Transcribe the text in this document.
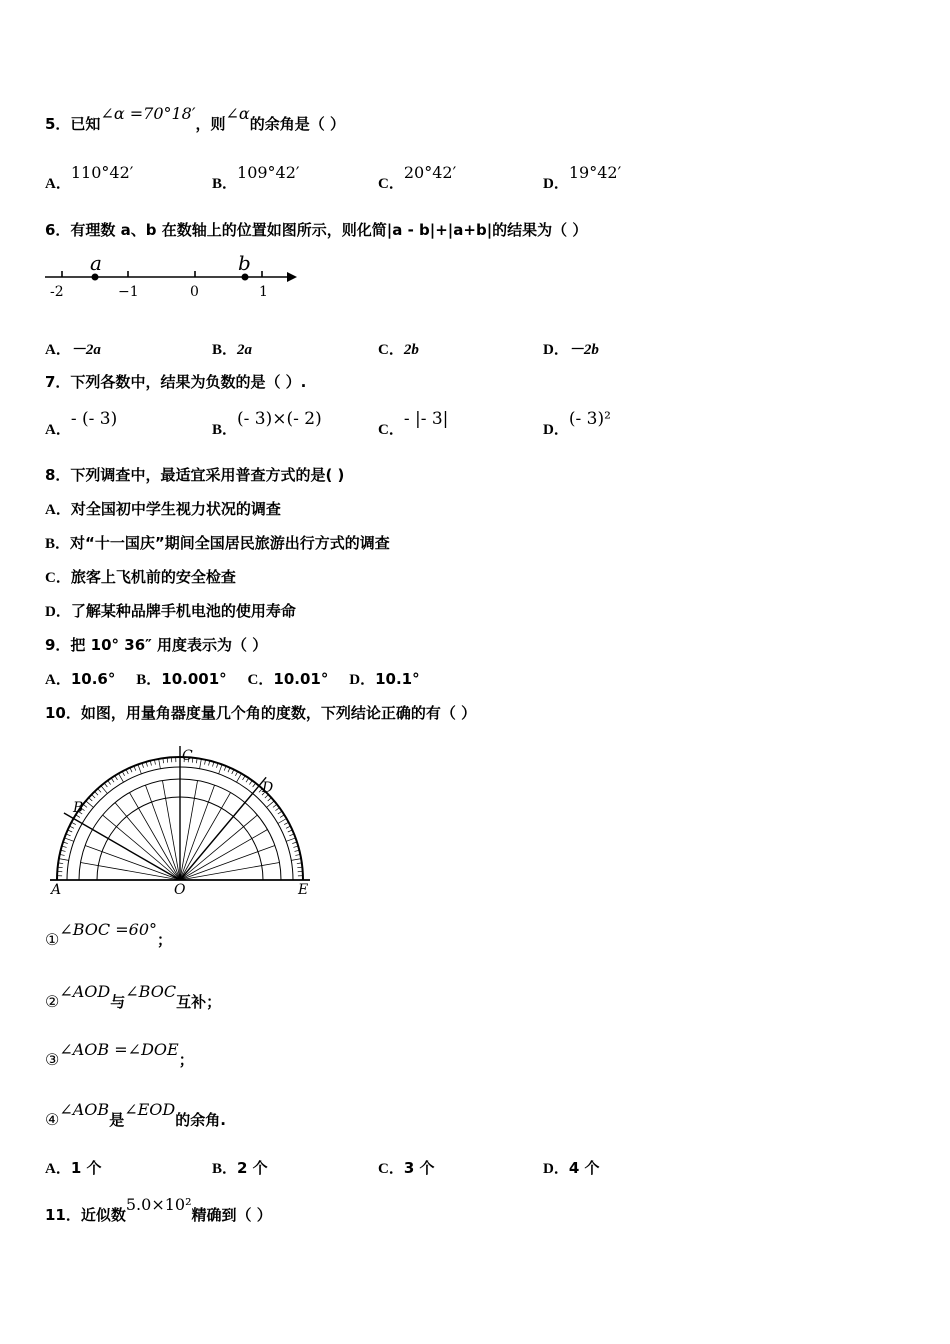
5．已知∠α =70°18′，则∠α的余角是（ ）
A．110°42′
B．109°42′
C．20°42′
D．19°42′
6．有理数 a、b 在数轴上的位置如图所示，则化简|a - b|+|a+b|的结果为（ ）
a	b
-2	−1	0	1
A．－2a	B．2a	C．2b	D．－2b
7．下列各数中，结果为负数的是（ ）.
A．- (- 3)
B．(- 3)×(- 2)
C．- |- 3|
D．(- 3)²
8．下列调查中，最适宜采用普查方式的是( )
A．对全国初中学生视力状况的调查
B．对“十一国庆”期间全国居民旅游出行方式的调查
C．旅客上飞机前的安全检查
D．了解某种品牌手机电池的使用寿命
9．把 10° 36″ 用度表示为（ ）
A．10.6° B．10.001° C．10.01° D．10.1°
10．如图，用量角器度量几个角的度数，下列结论正确的有（ ）
A
B
C
D
O	E
①∠BOC =60°；
②∠AOD与∠BOC互补；
③∠AOB =∠DOE；
④∠AOB是∠EOD的余角.
A．1 个	B．2 个	C．3 个	D．4 个
11．近似数5.0×10²精确到（ ）
